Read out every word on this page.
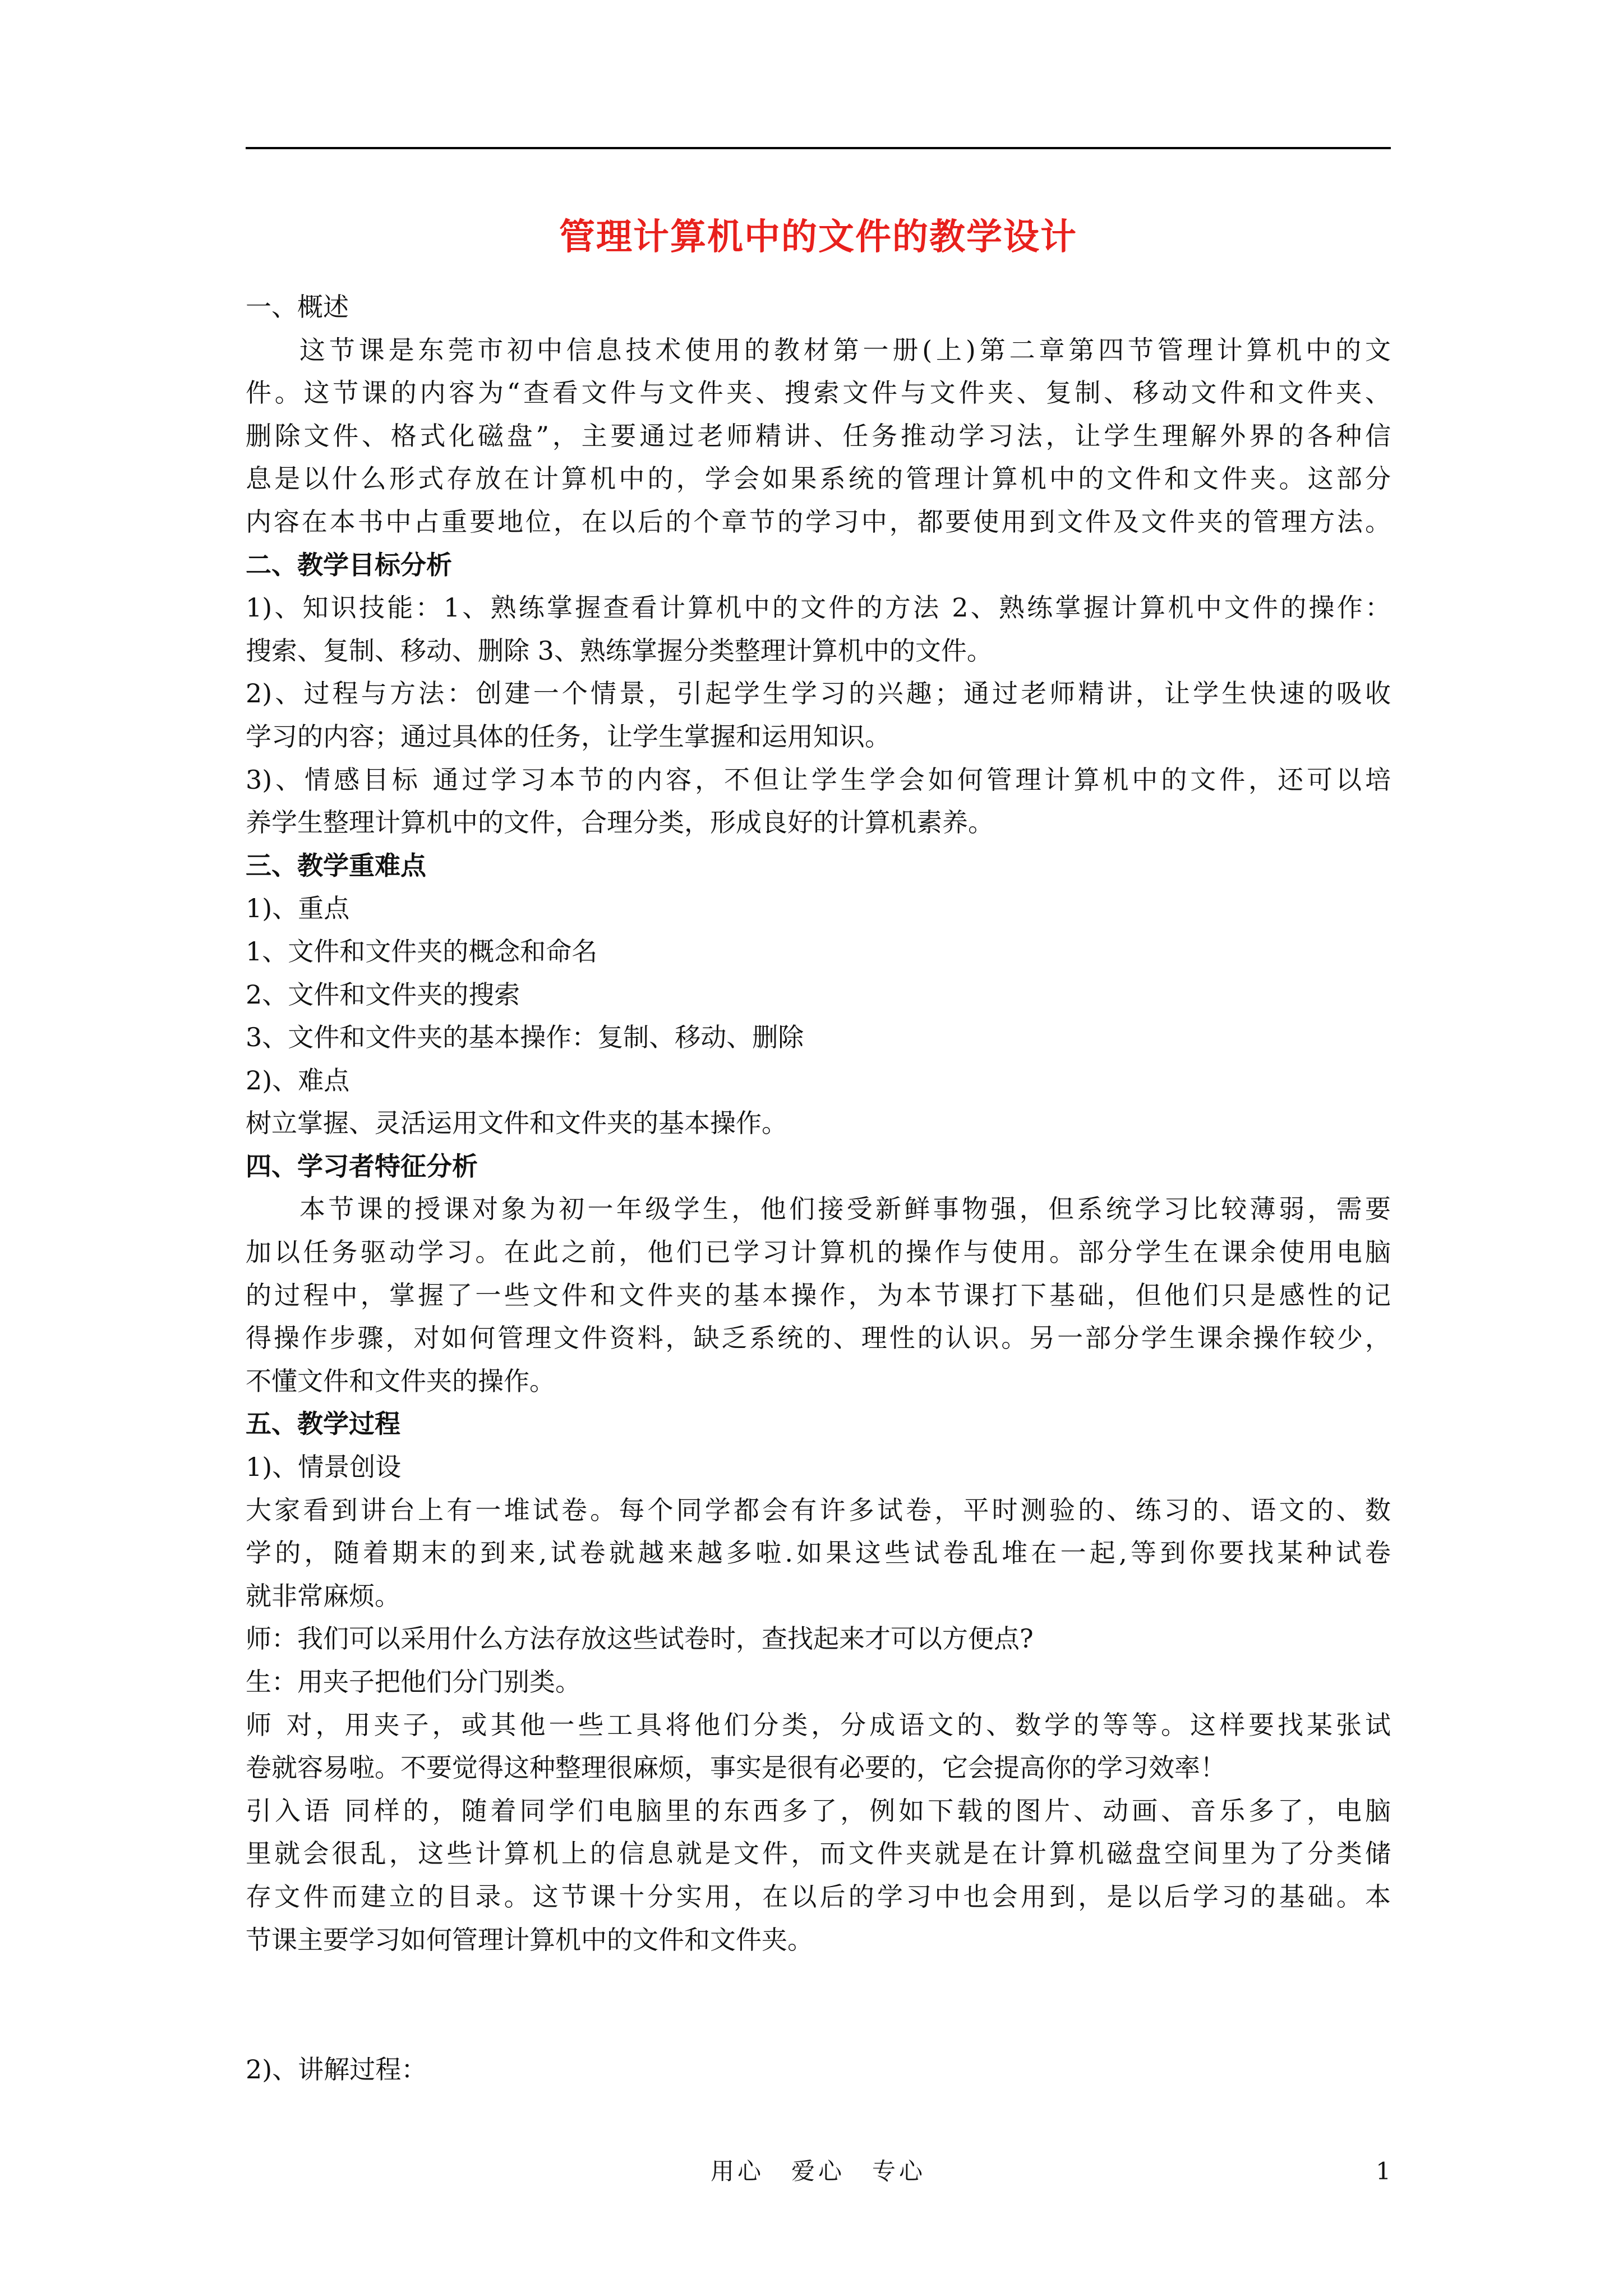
管理计算机中的文件的教学设计
一、概述
这节课是东莞市初中信息技术使用的教材第一册(上)第二章第四节管理计算机中的文
件。这节课的内容为“查看文件与文件夹、搜索文件与文件夹、复制、移动文件和文件夹、
删除文件、格式化磁盘”，主要通过老师精讲、任务推动学习法，让学生理解外界的各种信
息是以什么形式存放在计算机中的，学会如果系统的管理计算机中的文件和文件夹。这部分
内容在本书中占重要地位，在以后的个章节的学习中，都要使用到文件及文件夹的管理方法。
二、教学目标分析
1)、知识技能：1、熟练掌握查看计算机中的文件的方法 2、熟练掌握计算机中文件的操作：
搜索、复制、移动、删除 3、熟练掌握分类整理计算机中的文件。
2)、过程与方法：创建一个情景，引起学生学习的兴趣；通过老师精讲，让学生快速的吸收
学习的内容；通过具体的任务，让学生掌握和运用知识。
3)、情感目标 通过学习本节的内容，不但让学生学会如何管理计算机中的文件，还可以培
养学生整理计算机中的文件，合理分类，形成良好的计算机素养。
三、教学重难点
1)、重点
1、文件和文件夹的概念和命名
2、文件和文件夹的搜索
3、文件和文件夹的基本操作：复制、移动、删除
2)、难点
树立掌握、灵活运用文件和文件夹的基本操作。
四、学习者特征分析
本节课的授课对象为初一年级学生，他们接受新鲜事物强，但系统学习比较薄弱，需要
加以任务驱动学习。在此之前，他们已学习计算机的操作与使用。部分学生在课余使用电脑
的过程中，掌握了一些文件和文件夹的基本操作，为本节课打下基础，但他们只是感性的记
得操作步骤，对如何管理文件资料，缺乏系统的、理性的认识。另一部分学生课余操作较少，
不懂文件和文件夹的操作。
五、教学过程
1)、情景创设
大家看到讲台上有一堆试卷。每个同学都会有许多试卷，平时测验的、练习的、语文的、数
学的，随着期末的到来,试卷就越来越多啦.如果这些试卷乱堆在一起,等到你要找某种试卷
就非常麻烦。
师：我们可以采用什么方法存放这些试卷时，查找起来才可以方便点?
生：用夹子把他们分门别类。
师 对，用夹子，或其他一些工具将他们分类，分成语文的、数学的等等。这样要找某张试
卷就容易啦。不要觉得这种整理很麻烦，事实是很有必要的，它会提高你的学习效率！
引入语 同样的，随着同学们电脑里的东西多了，例如下载的图片、动画、音乐多了，电脑
里就会很乱，这些计算机上的信息就是文件，而文件夹就是在计算机磁盘空间里为了分类储
存文件而建立的目录。这节课十分实用，在以后的学习中也会用到，是以后学习的基础。本
节课主要学习如何管理计算机中的文件和文件夹。
2)、讲解过程：
用心　爱心　专心	1
